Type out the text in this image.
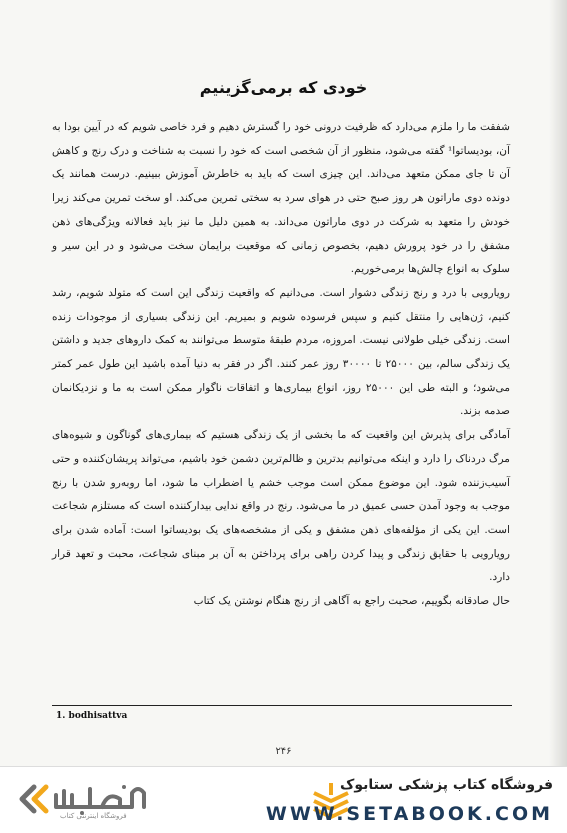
خودی که برمی‌گزینیم

شفقت ما را ملزم می‌دارد که ظرفیت درونی خود را گسترش دهیم و فرد خاصی شویم که در آیین بودا به آن، بودیساتوا¹ گفته می‌شود، منظور از آن شخصی است که خود را نسبت به شناخت و درک رنج و کاهش آن تا جای ممکن متعهد می‌داند. این چیزی است که باید به خاطرش آموزش ببینیم. درست همانند یک دونده دوی ماراتون هر روز صبح حتی در هوای سرد به سختی تمرین می‌کند. او سخت تمرین می‌کند زیرا خودش را متعهد به شرکت در دوی ماراتون می‌داند. به همین دلیل ما نیز باید فعالانه ویژگی‌های ذهن مشفق را در خود پرورش دهیم، بخصوص زمانی که موقعیت برایمان سخت می‌شود و در این سیر و سلوک به انواع چالش‌ها برمی‌خوریم.

رویارویی با درد و رنج زندگی دشوار است. می‌دانیم که واقعیت زندگی این است که متولد شویم، رشد کنیم، ژن‌هایی را منتقل کنیم و سپس فرسوده شویم و بمیریم. این زندگی بسیاری از موجودات زنده است. زندگی خیلی طولانی نیست. امروزه، مردم طبقهٔ متوسط می‌توانند به کمک داروهای جدید و داشتن یک زندگی سالم، بین ۲۵۰۰۰ تا ۳۰۰۰۰ روز عمر کنند. اگر در فقر به دنیا آمده باشید این طول عمر کمتر می‌شود؛ و البته طی این ۲۵۰۰۰ روز، انواع بیماری‌ها و اتفاقات ناگوار ممکن است به ما و نزدیکانمان صدمه بزند.

آمادگی برای پذیرش این واقعیت که ما بخشی از یک زندگی هستیم که بیماری‌های گوناگون و شیوه‌های مرگ دردناک را دارد و اینکه می‌توانیم بدترین و ظالم‌ترین دشمن خود باشیم، می‌تواند پریشان‌کننده و حتی آسیب‌زننده شود. این موضوع ممکن است موجب خشم یا اضطراب ما شود، اما روبه‌رو شدن با رنج موجب به وجود آمدن حسی عمیق در ما می‌شود. رنج در واقع ندایی بیدارکننده است که مستلزم شجاعت است. این یکی از مؤلفه‌های ذهن مشفق و یکی از مشخصه‌های یک بودیساتوا است: آماده شدن برای رویارویی با حقایق زندگی و پیدا کردن راهی برای پرداختن به آن بر مبنای شجاعت، محبت و تعهد قرار دارد.

حال صادقانه بگوییم، صحبت راجع به آگاهی از رنج هنگام نوشتن یک کتاب

1. bodhisattva
۲۴۶
فروشگاه اینترنتی کتاب
فروشگاه کتاب پزشکی ستابوک
WWW.SETABOOK.COM
